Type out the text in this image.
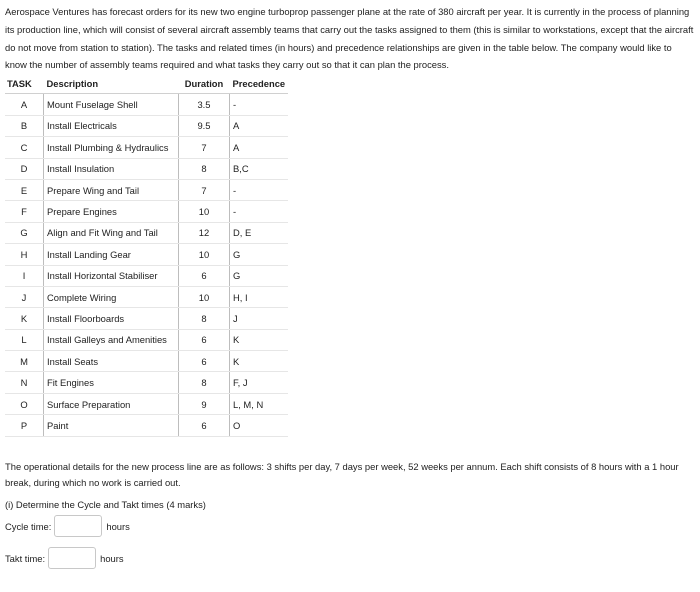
Aerospace Ventures has forecast orders for its new two engine turboprop passenger plane at the rate of 380 aircraft per year. It is currently in the process of planning its production line, which will consist of several aircraft assembly teams that carry out the tasks assigned to them (this is similar to workstations, except that the aircraft do not move from station to station). The tasks and related times (in hours) and precedence relationships are given in the table below. The company would like to know the number of assembly teams required and what tasks they carry out so that it can plan the process.

TASK	Description	Duration	Precedence
A	Mount Fuselage Shell	3.5	-
B	Install Electricals	9.5	A
C	Install Plumbing & Hydraulics	7	A
D	Install Insulation	8	B,C
E	Prepare Wing and Tail	7	-
F	Prepare Engines	10	-
G	Align and Fit Wing and Tail	12	D, E
H	Install Landing Gear	10	G
I	Install Horizontal Stabiliser	6	G
J	Complete Wiring	10	H, I
K	Install Floorboards	8	J
L	Install Galleys and Amenities	6	K
M	Install Seats	6	K
N	Fit Engines	8	F, J
O	Surface Preparation	9	L, M, N
P	Paint	6	O

The operational details for the new process line are as follows: 3 shifts per day, 7 days per week, 52 weeks per annum. Each shift consists of 8 hours with a 1 hour break, during which no work is carried out.

(i) Determine the Cycle and Takt times (4 marks)

Cycle time:	hours
Takt time:	hours
